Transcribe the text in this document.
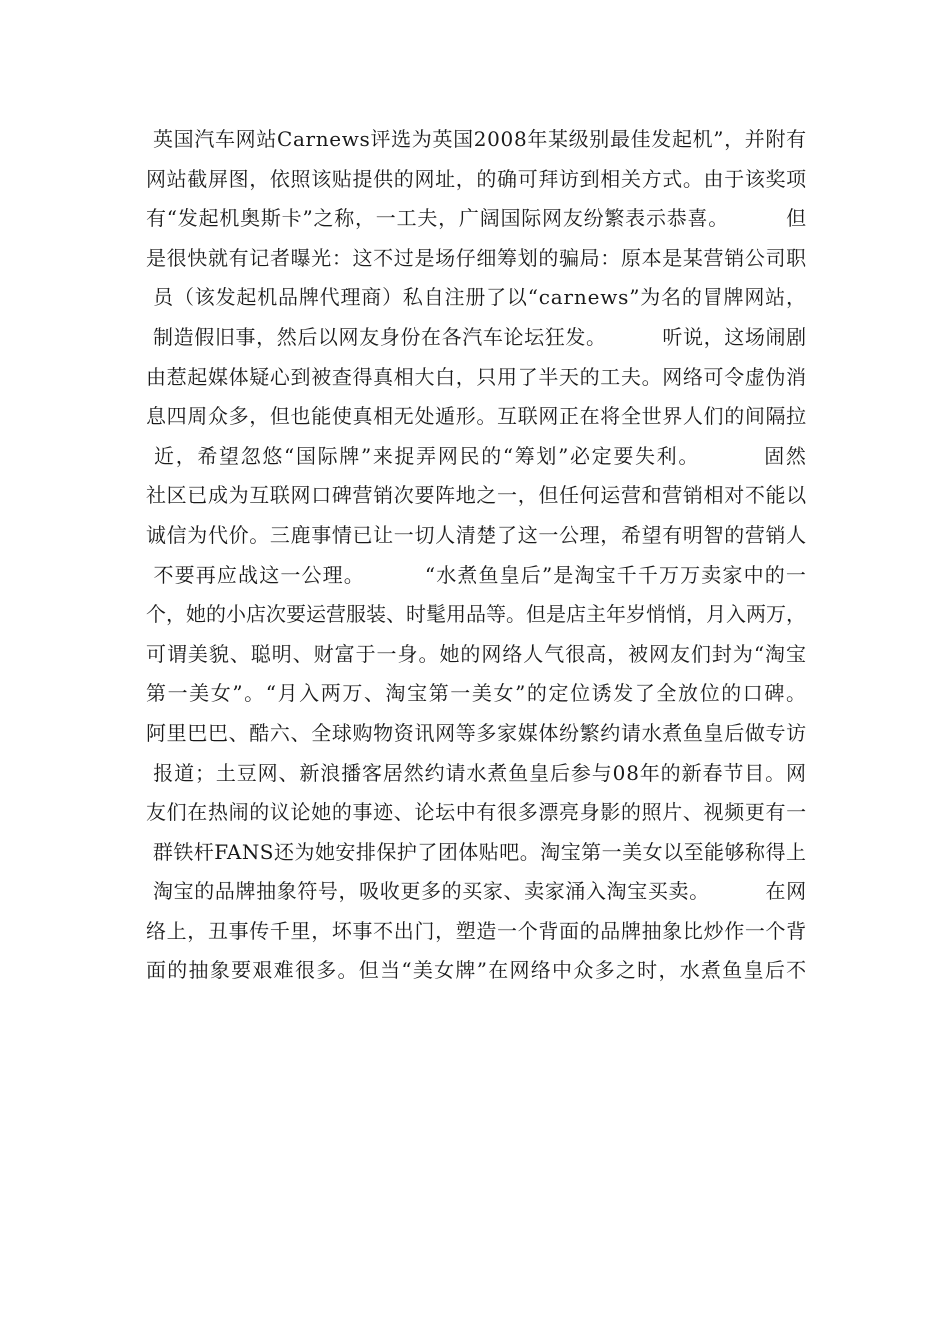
英国汽车网站Carnews评选为英国2008年某级别最佳发起机”，并附有
网站截屏图，依照该贴提供的网址，的确可拜访到相关方式。由于该奖项
有“发起机奥斯卡”之称，一工夫，广阔国际网友纷繁表示恭喜。        但
是很快就有记者曝光：这不过是场仔细筹划的骗局：原本是某营销公司职
员（该发起机品牌代理商）私自注册了以“carnews”为名的冒牌网站，
制造假旧事，然后以网友身份在各汽车论坛狂发。        听说，这场闹剧
由惹起媒体疑心到被查得真相大白，只用了半天的工夫。网络可令虚伪消
息四周众多，但也能使真相无处遁形。互联网正在将全世界人们的间隔拉
近，希望忽悠“国际牌”来捉弄网民的“筹划”必定要失利。        固然
社区已成为互联网口碑营销次要阵地之一，但任何运营和营销相对不能以
诚信为代价。三鹿事情已让一切人清楚了这一公理，希望有明智的营销人
不要再应战这一公理。        “水煮鱼皇后”是淘宝千千万万卖家中的一
个，她的小店次要运营服装、时髦用品等。但是店主年岁悄悄，月入两万，
可谓美貌、聪明、财富于一身。她的网络人气很高，被网友们封为“淘宝
第一美女”。“月入两万、淘宝第一美女”的定位诱发了全放位的口碑。
阿里巴巴、酷六、全球购物资讯网等多家媒体纷繁约请水煮鱼皇后做专访
报道；土豆网、新浪播客居然约请水煮鱼皇后参与08年的新春节目。网
友们在热闹的议论她的事迹、论坛中有很多漂亮身影的照片、视频更有一
群铁杆FANS还为她安排保护了团体贴吧。淘宝第一美女以至能够称得上
淘宝的品牌抽象符号，吸收更多的买家、卖家涌入淘宝买卖。        在网
络上，丑事传千里，坏事不出门，塑造一个背面的品牌抽象比炒作一个背
面的抽象要艰难很多。但当“美女牌”在网络中众多之时，水煮鱼皇后不
